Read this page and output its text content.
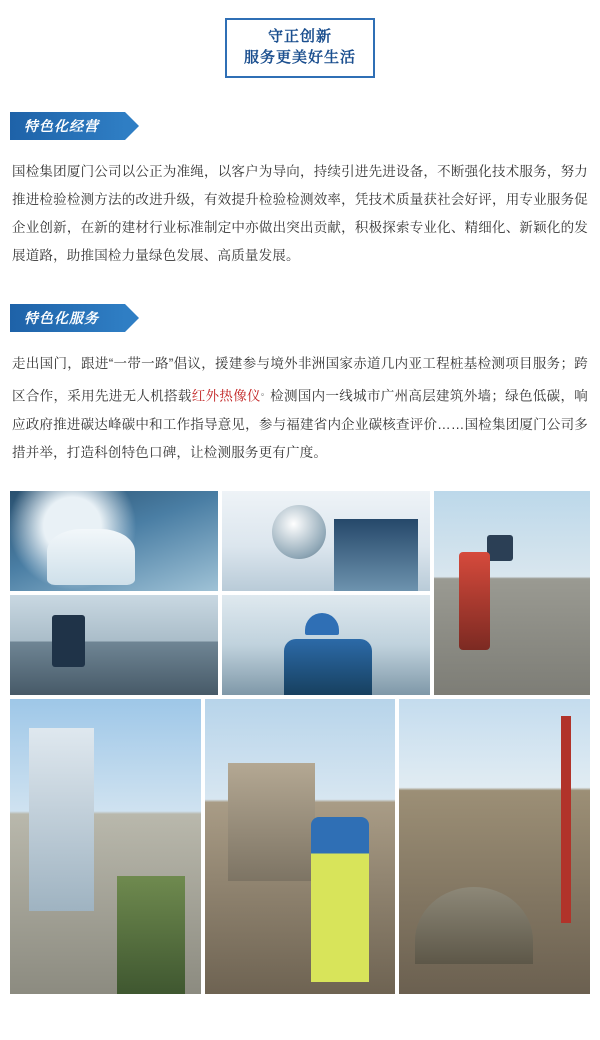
守正创新
服务更美好生活
特色化经营

国检集团厦门公司以公正为准绳，以客户为导向，持续引进先进设备，不断强化技术服务，努力推进检验检测方法的改进升级，有效提升检验检测效率，凭技术质量获社会好评，用专业服务促企业创新，在新的建材行业标准制定中亦做出突出贡献，积极探索专业化、精细化、新颖化的发展道路，助推国检力量绿色发展、高质量发展。

特色化服务

走出国门，跟进“一带一路”倡议，援建参与境外非洲国家赤道几内亚工程桩基检测项目服务；跨区合作，采用先进无人机搭载红外热像仪。检测国内一线城市广州高层建筑外墙；绿色低碳，响应政府推进碳达峰碳中和工作指导意见，参与福建省内企业碳核查评价……国检集团厦门公司多措并举，打造科创特色口碑，让检测服务更有广度。
